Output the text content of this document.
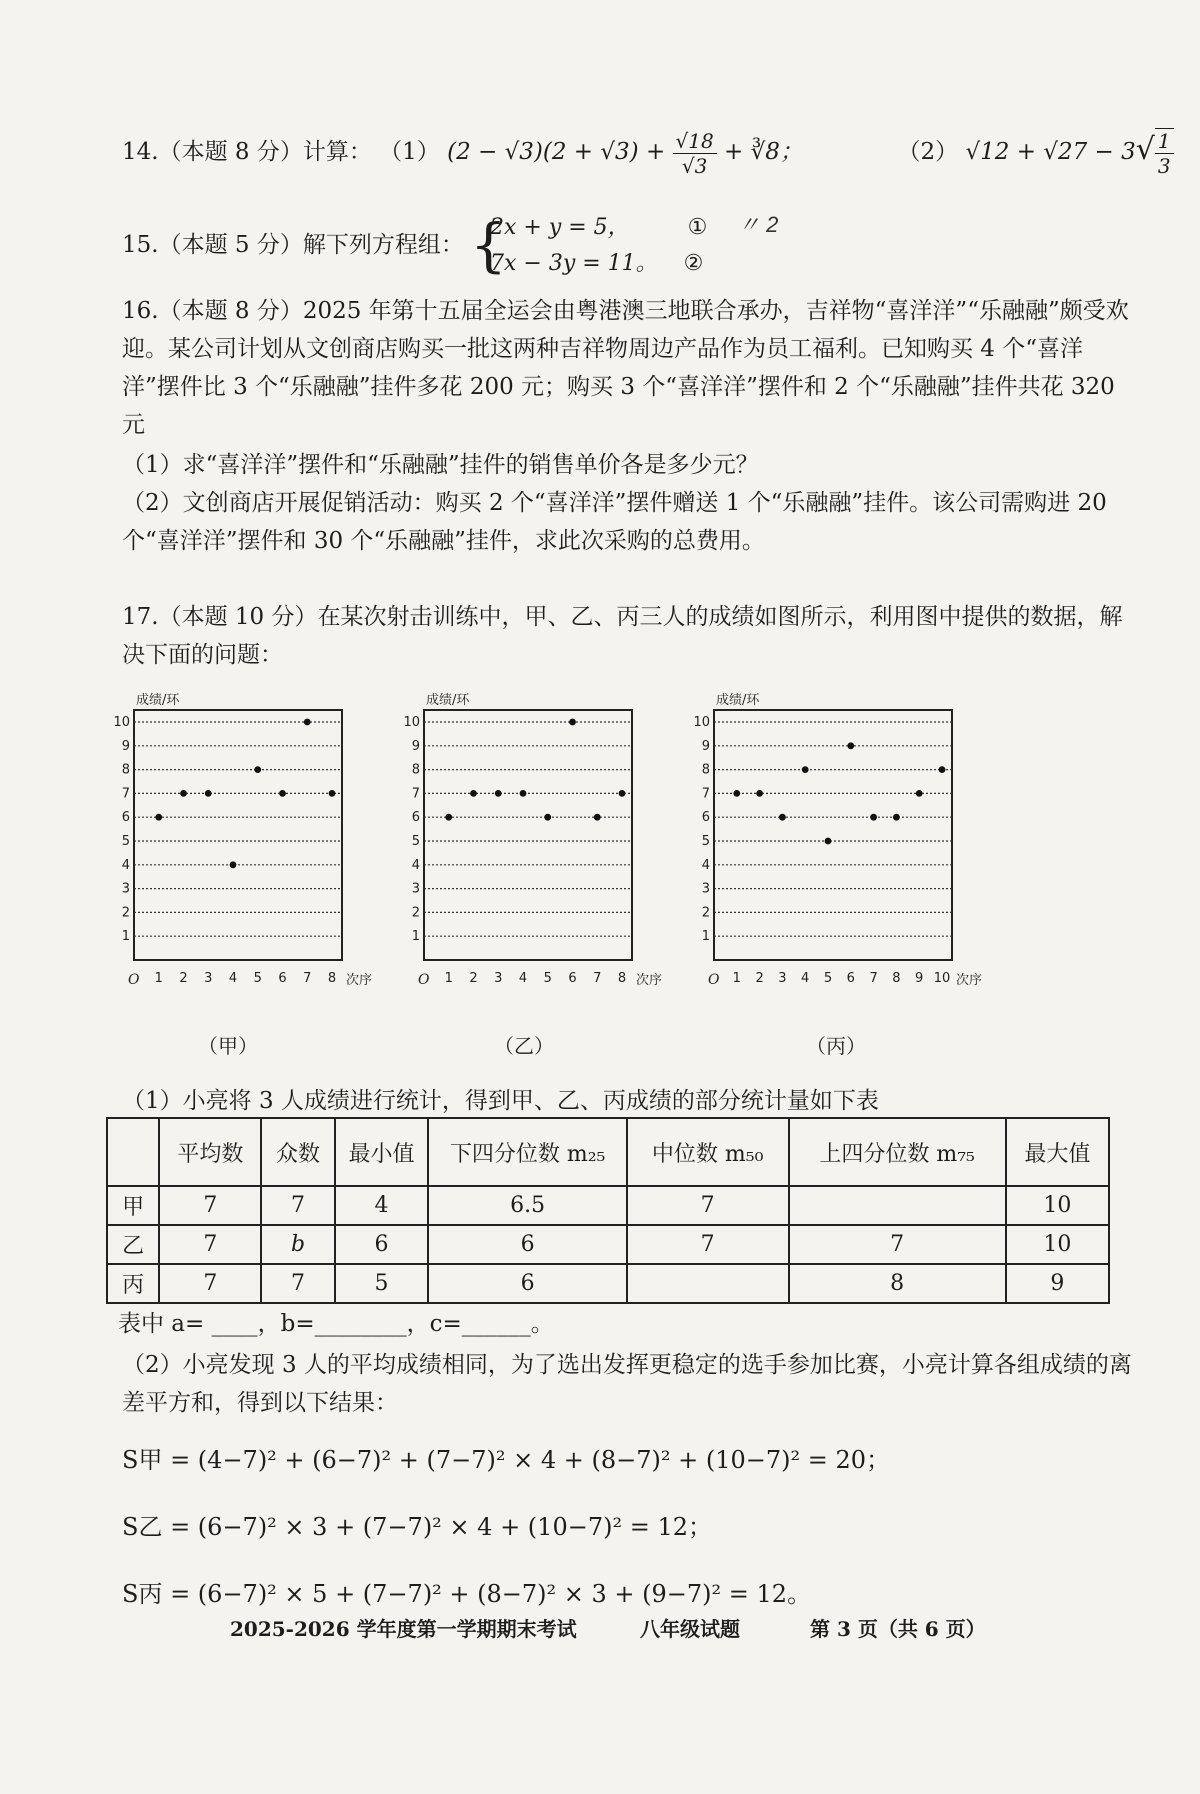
14.（本题 8 分）计算： （1） $(2 - √3)(2 + √3) + \frac{√18}{√3}$ + ∛8；	（2） $√12 + √27 - 3√ \frac{1}{3}$
15.（本题 5 分）解下列方程组： {
2x + y = 5，	①
7x − 3y = 11。 ②
〃 2
16.（本题 8 分）2025 年第十五届全运会由粤港澳三地联合承办，吉祥物“喜洋洋”“乐融融”颇受欢迎。某公司计划从文创商店购买一批这两种吉祥物周边产品作为员工福利。已知购买 4 个“喜洋洋”摆件比 3 个“乐融融”挂件多花 200 元；购买 3 个“喜洋洋”摆件和 2 个“乐融融”挂件共花 320 元
（1）求“喜洋洋”摆件和“乐融融”挂件的销售单价各是多少元？
（2）文创商店开展促销活动：购买 2 个“喜洋洋”摆件赠送 1 个“乐融融”挂件。该公司需购进 20 个“喜洋洋”摆件和 30 个“乐融融”挂件，求此次采购的总费用。
17.（本题 10 分）在某次射击训练中，甲、乙、丙三人的成绩如图所示，利用图中提供的数据，解决下面的问题：
成绩/环
1
2
3
4
5
6
7
8
9
10
O 1 2 3 4 5 6 7 8 次序
成绩/环
1
2
3
4
5
6
7
8
9
10
O 1 2 3 4 5 6 7 8 次序
成绩/环
1
2
3
4
5
6
7
8
9
10
O 1 2 3 4 5 6 7 8 9 10 次序
（甲）	（乙）	（丙）
（1）小亮将 3 人成绩进行统计，得到甲、乙、丙成绩的部分统计量如下表
	平均数	众数	最小值	下四分位数 m₂₅	中位数 m₅₀	上四分位数 m₇₅	最大值
甲	7	7	4	6.5	7		10
乙	7	b	6	6	7	7	10
丙	7	7	5	6		8	9
表中 a= ____，b=________，c=______。
（2）小亮发现 3 人的平均成绩相同，为了选出发挥更稳定的选手参加比赛，小亮计算各组成绩的离差平方和，得到以下结果：
S甲 = (4−7)² + (6−7)² + (7−7)² × 4 + (8−7)² + (10−7)² = 20；
S乙 = (6−7)² × 3 + (7−7)² × 4 + (10−7)² = 12；
S丙 = (6−7)² × 5 + (7−7)² + (8−7)² × 3 + (9−7)² = 12。
2025-2026 学年度第一学期期末考试	八年级试题	第 3 页（共 6 页）
